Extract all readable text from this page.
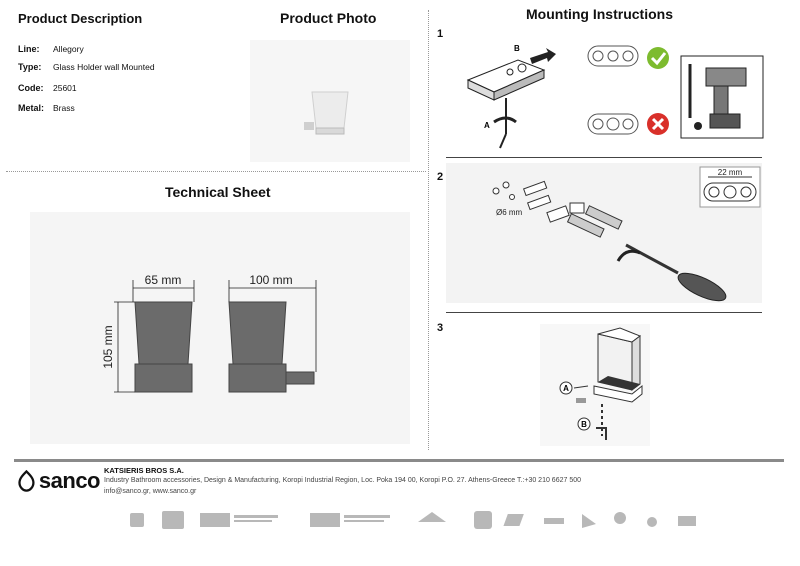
Product Description
Line:	Allegory
Type:	Glass Holder wall Mounted
Code:	25601
Metal:	Brass
Product Photo
Technical Sheet
65 mm	100 mm
105 mm
Mounting Instructions
1
B
A
2
Ø6 mm
22 mm
3
A
B
sanco KATSIERIS BROS S.A.
Industry Bathroom accessories, Design & Manufacturing, Koropi Industrial Region, Loc. Poka 194 00, Koropi P.O. 27. Athens-Greece T.:+30 210 6627 500
info@sanco.gr, www.sanco.gr
